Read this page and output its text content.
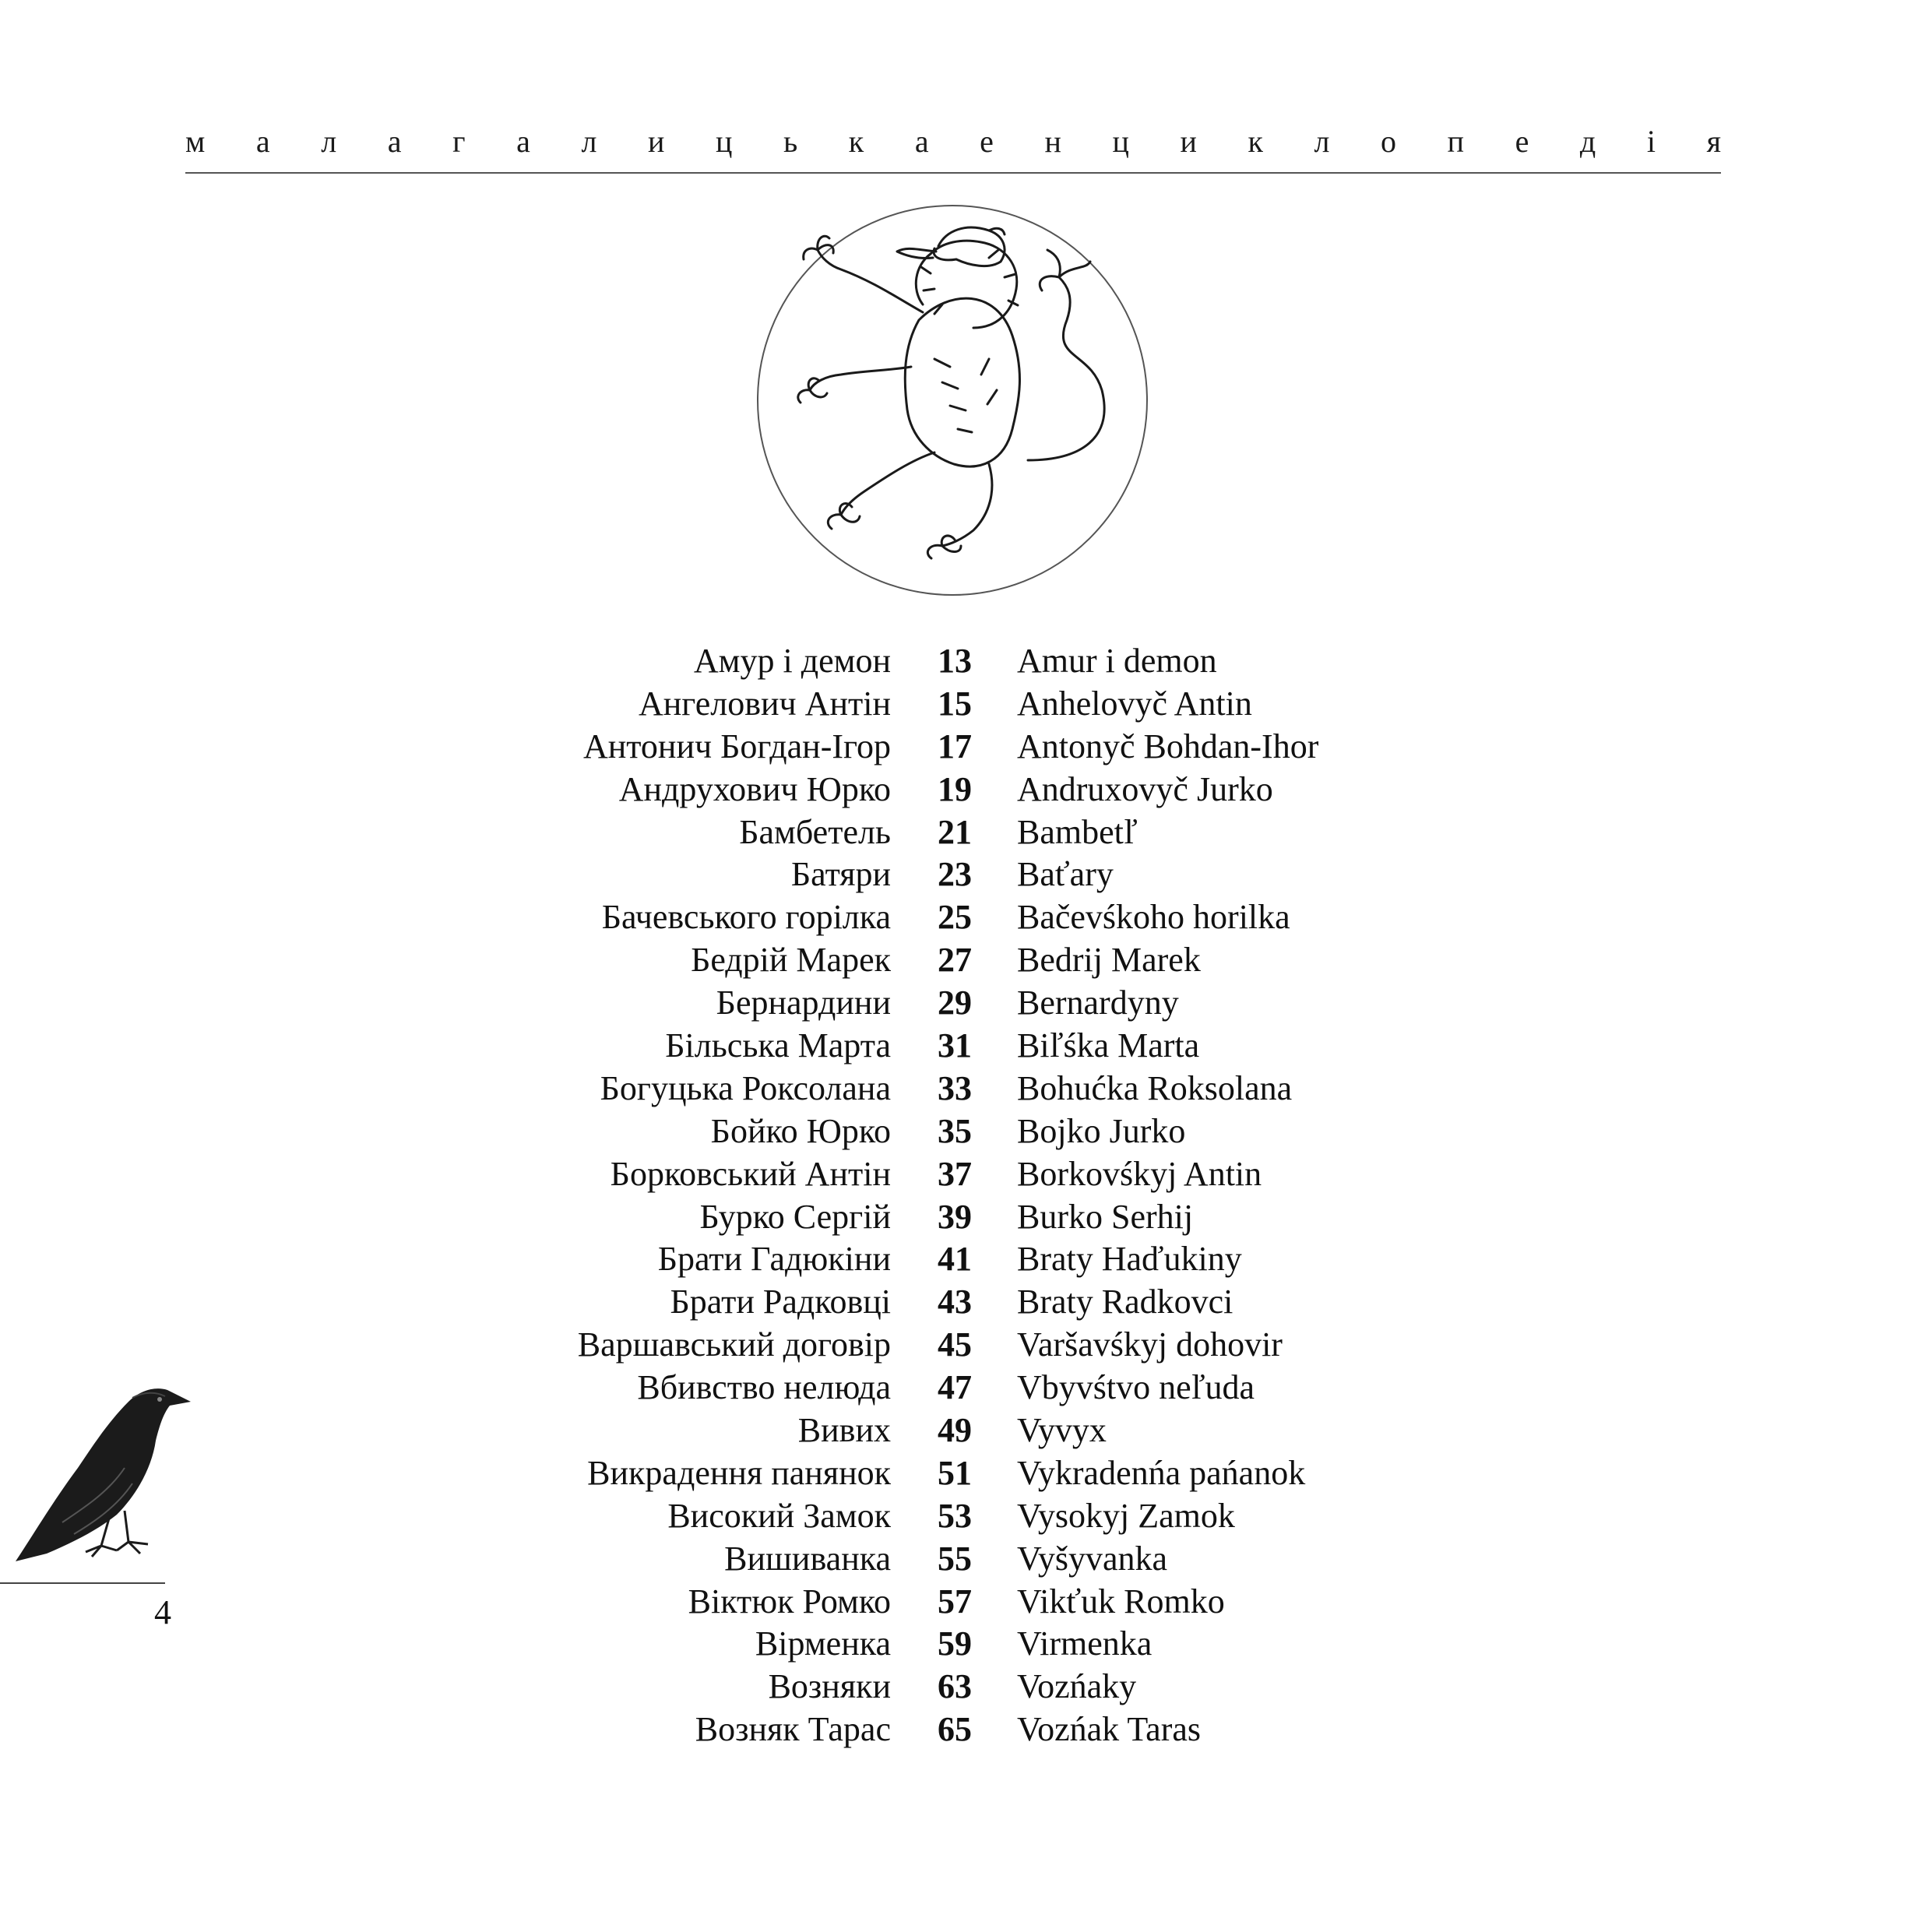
м а л а г а л и ц ь к а е н ц и к л о п е д і я
Амур і демон	13	Amur i demon
Ангелович Антін	15	Anhelovyč Antin
Антонич Богдан-Ігор	17	Antonyč Bohdan-Ihor
Андрухович Юрко	19	Andruxovyč Jurko
Бамбетель	21	Bambetľ
Батяри	23	Baťary
Бачевського горілка	25	Bačevśkoho horilka
Бедрій Марек	27	Bedrij Marek
Бернардини	29	Bernardyny
Більська Марта	31	Biľśka Marta
Богуцька Роксолана	33	Bohućka Roksolana
Бойко Юрко	35	Bojko Jurko
Борковський Антін	37	Borkovśkyj Antin
Бурко Сергій	39	Burko Serhij
Брати Гадюкіни	41	Braty Haďukiny
Брати Радковці	43	Braty Radkovci
Варшавський договір	45	Varšavśkyj dohovir
Вбивство нелюда	47	Vbyvśtvo neľuda
Вивих	49	Vyvyx
Викрадення панянок	51	Vykradenńa pańanok
Високий Замок	53	Vysokyj Zamok
Вишиванка	55	Vyšyvanka
Віктюк Ромко	57	Vikťuk Romko
Вірменка	59	Virmenka
Возняки	63	Vozńaky
Возняк Тарас	65	Vozńak Taras
4
